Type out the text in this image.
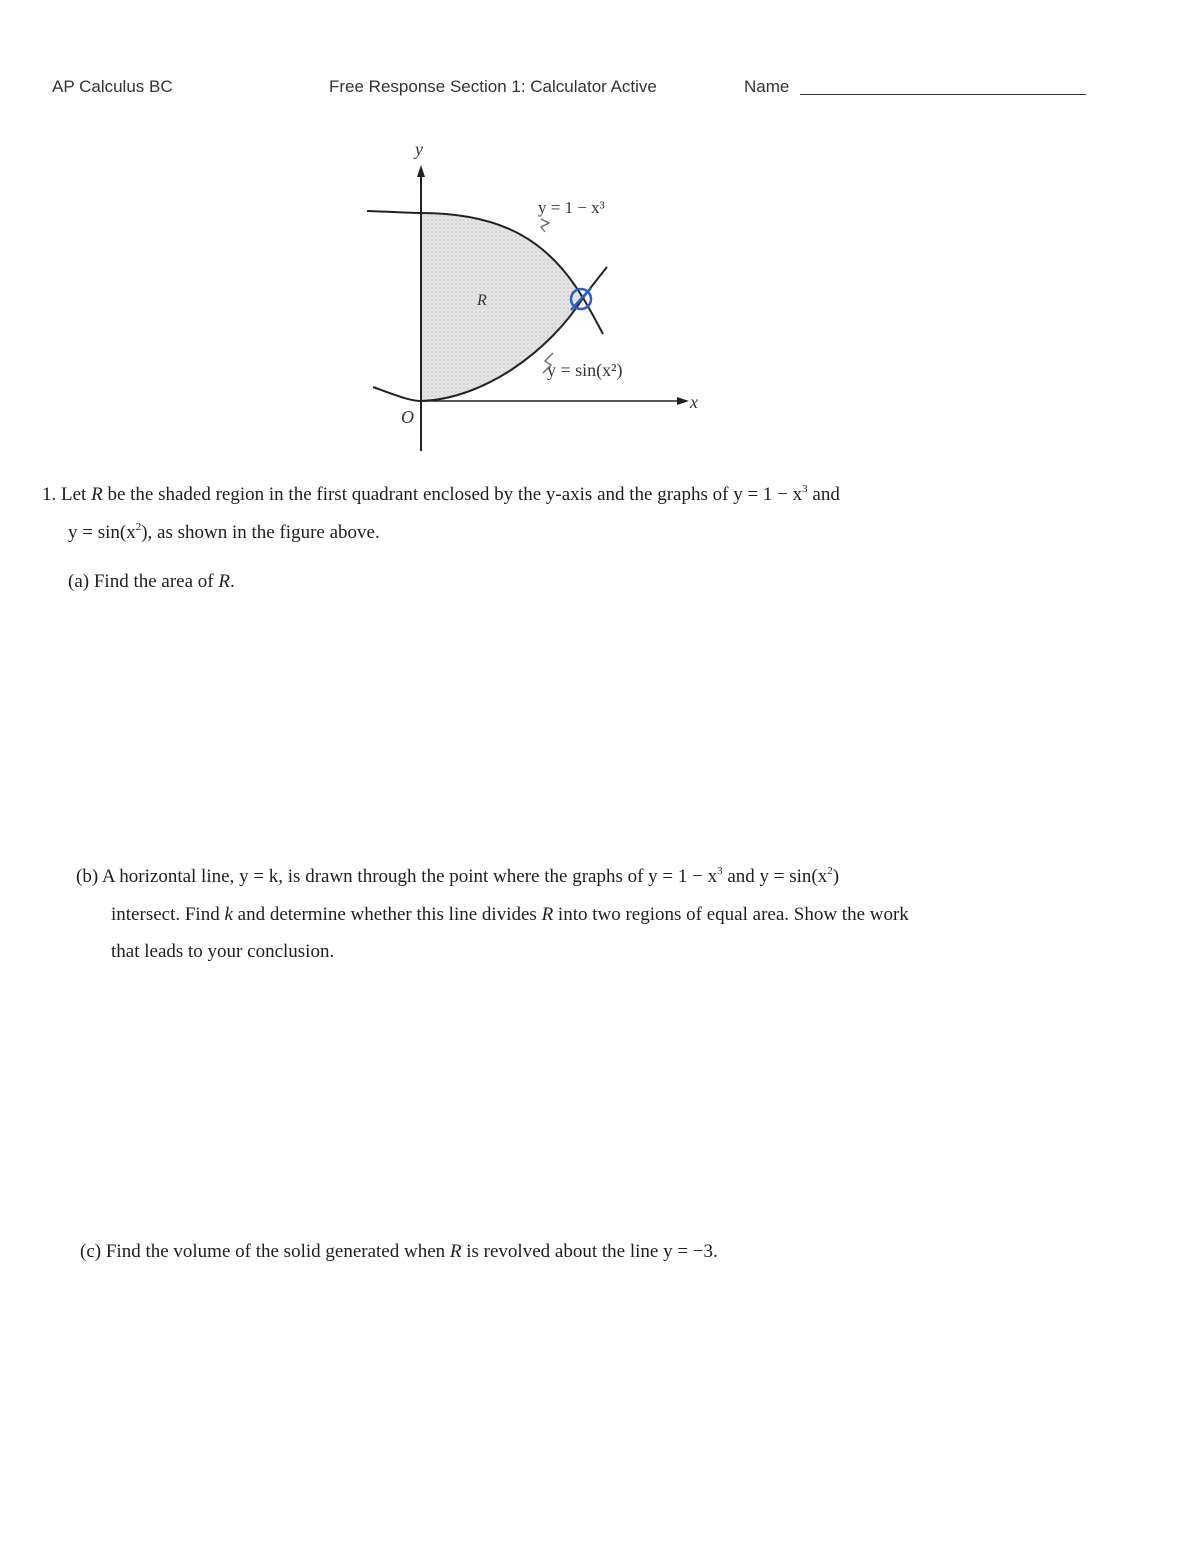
AP Calculus BC	Free Response Section 1: Calculator Active	Name
y
x
O
R
y = 1 − x³
y = sin(x²)
1. Let R be the shaded region in the first quadrant enclosed by the y-axis and the graphs of $y = 1 - x^3$ and
$y = \sin(x^2)$, as shown in the figure above.
(a) Find the area of R.
(b) A horizontal line, y = k, is drawn through the point where the graphs of $y = 1 - x^3$ and $y = \sin(x^2)$
intersect. Find k and determine whether this line divides R into two regions of equal area. Show the work
that leads to your conclusion.
(c) Find the volume of the solid generated when R is revolved about the line y = −3.
